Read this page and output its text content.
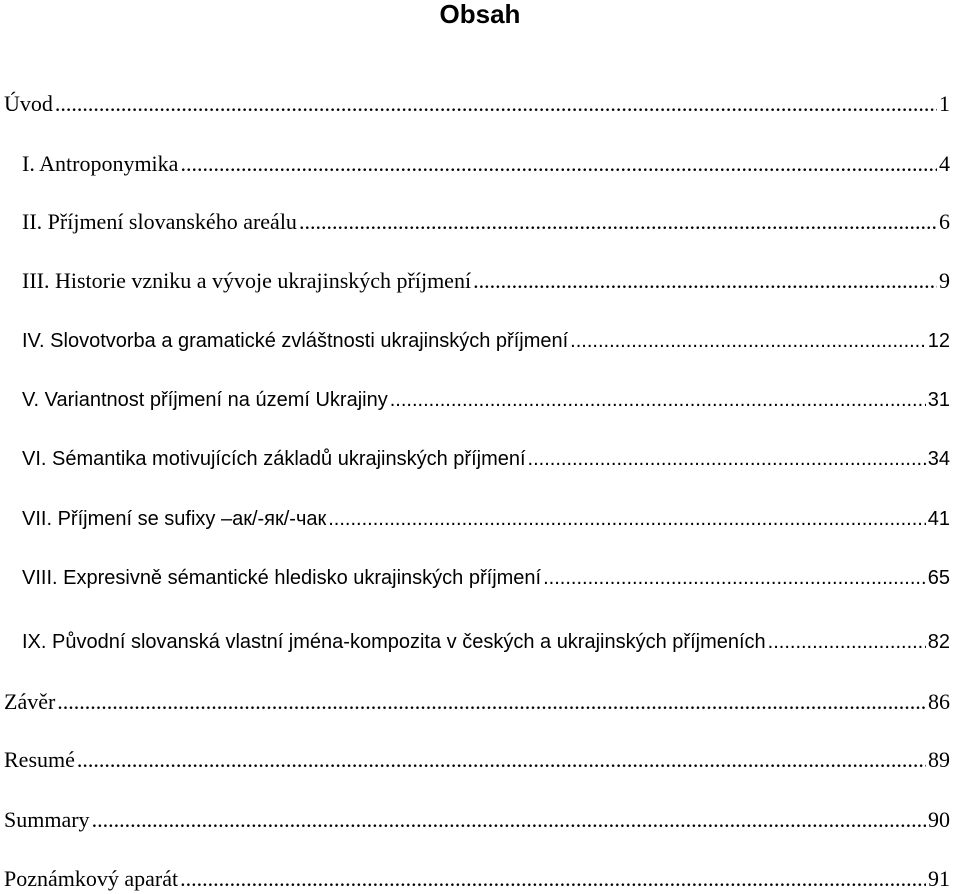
Obsah
Úvod .....	1
I. Antroponymika .....	4
II. Příjmení slovanského areálu .....	6
III. Historie vzniku a vývoje ukrajinských příjmení .....	9
IV. Slovotvorba a gramatické zvláštnosti ukrajinských příjmení .....	12
V. Variantnost příjmení na území Ukrajiny .....	31
VI. Sémantika motivujících základů ukrajinských příjmení .....	34
VII. Příjmení se sufixy –ак/-як/-чак .....	41
VIII. Expresivně sémantické hledisko ukrajinských příjmení .....	65
IX. Původní slovanská vlastní jména-kompozita v českých a ukrajinských příjmeních .....	82
Závěr .....	86
Resumé .....	89
Summary .....	90
Poznámkový aparát .....	91
